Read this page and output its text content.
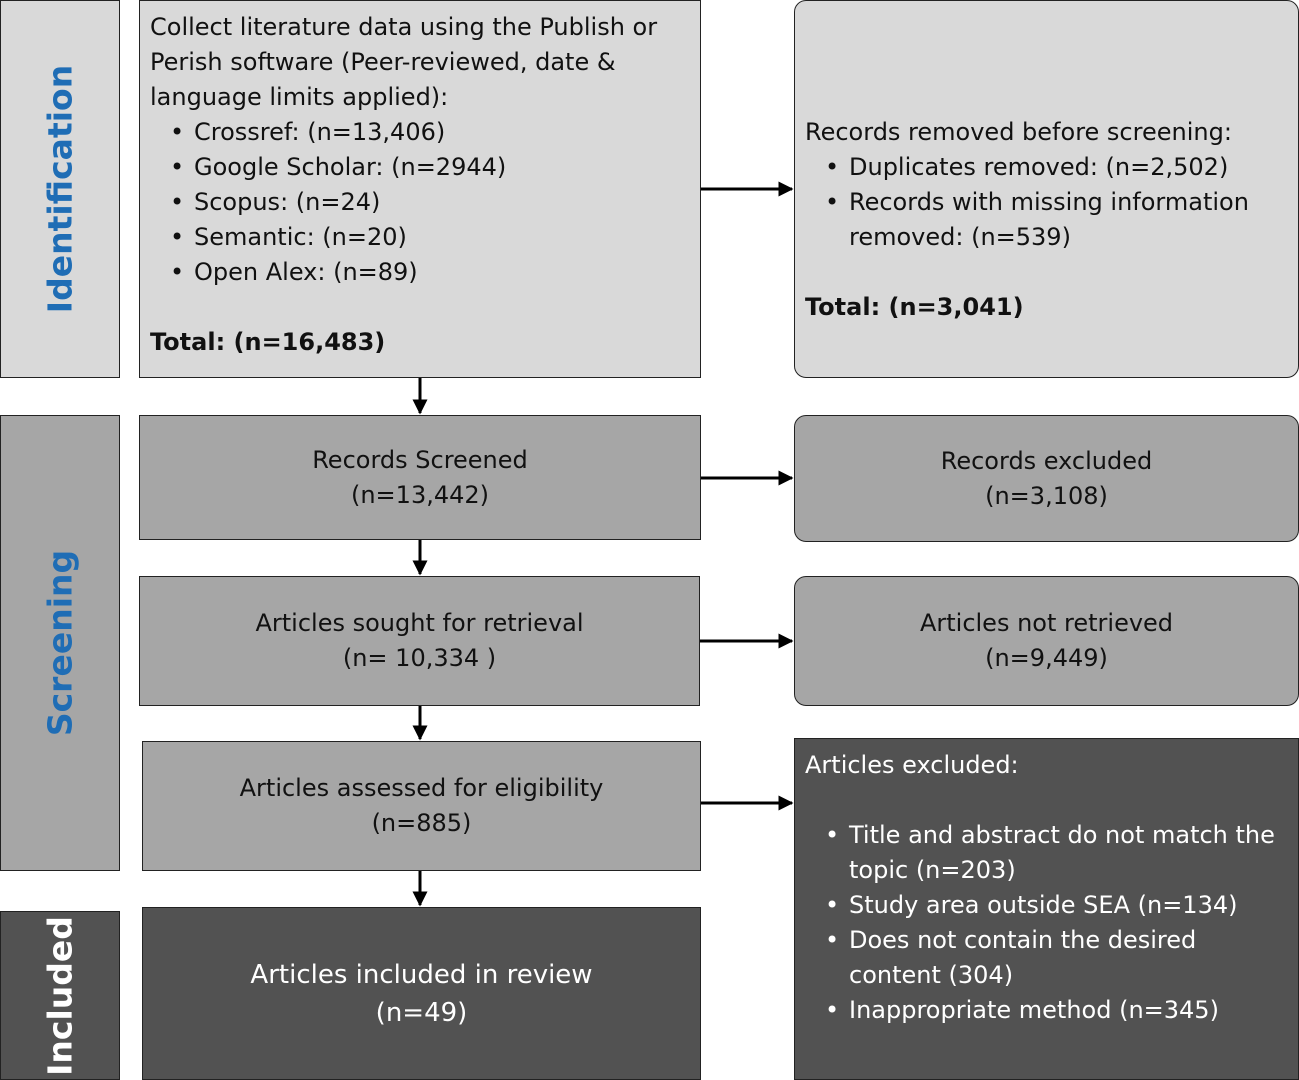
Identification
Screening
Included
Collect literature data using the Publish or Perish software (Peer-reviewed, date & language limits applied):
• Crossref: (n=13,406)
• Google Scholar: (n=2944)
• Scopus: (n=24)
• Semantic: (n=20)
• Open Alex: (n=89)
Total: (n=16,483)
Records removed before screening:
• Duplicates removed: (n=2,502)
• Records with missing information removed: (n=539)
Total: (n=3,041)
Records Screened
(n=13,442)
Records excluded
(n=3,108)
Articles sought for retrieval
(n= 10,334 )
Articles not retrieved
(n=9,449)
Articles assessed for eligibility
(n=885)
Articles excluded:
• Title and abstract do not match the topic (n=203)
• Study area outside SEA (n=134)
• Does not contain the desired content (304)
• Inappropriate method (n=345)
Articles included in review
(n=49)
